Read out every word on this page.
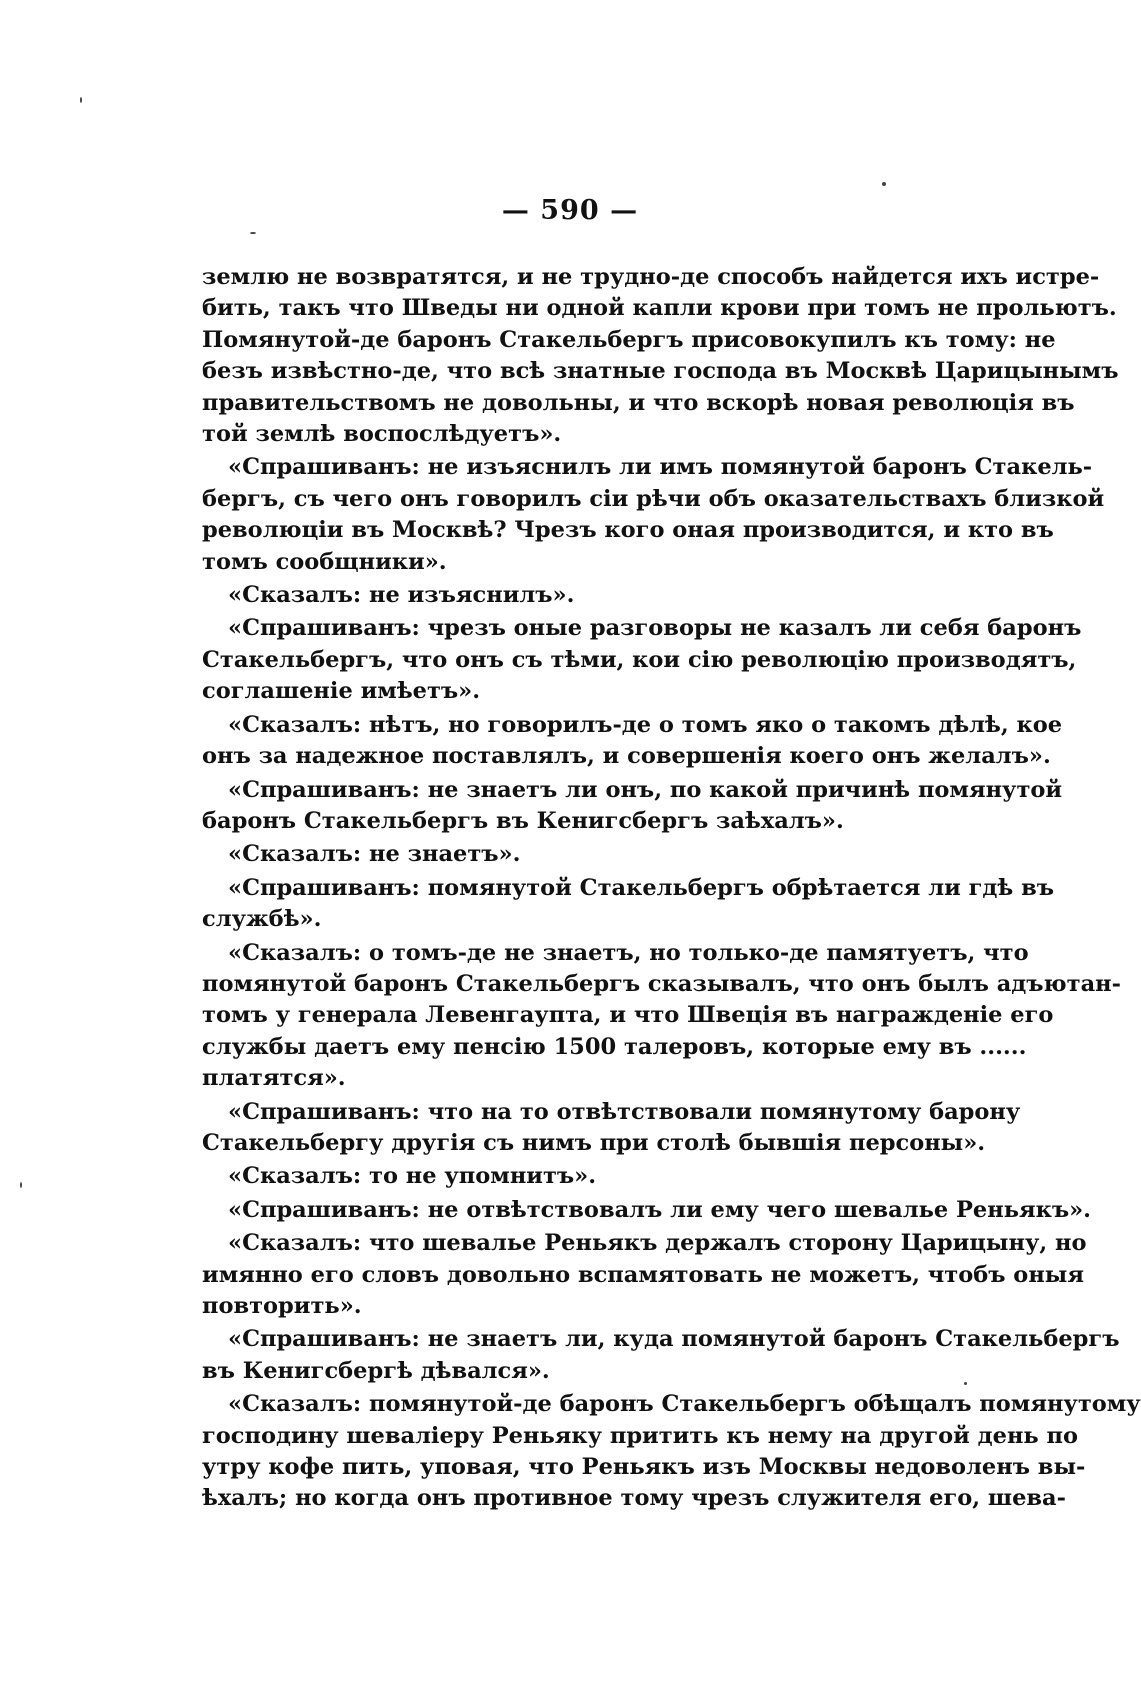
— 590 —
землю не возвратятся, и не трудно-де способъ найдется ихъ истре-
бить, такъ что Шведы ни одной капли крови при томъ не прольютъ.
Помянутой-де баронъ Стакельбергъ присовокупилъ къ тому: не
безъ извѣстно-де, что всѣ знатные господа въ Москвѣ Царицынымъ
правительствомъ не довольны, и что вскорѣ новая революція въ
той землѣ воспослѣдуетъ».
«Спрашиванъ: не изъяснилъ ли имъ помянутой баронъ Стакель-
бергъ, съ чего онъ говорилъ сіи рѣчи объ оказательствахъ близкой
революціи въ Москвѣ? Чрезъ кого оная производится, и кто въ
томъ сообщники».
«Сказалъ: не изъяснилъ».
«Спрашиванъ: чрезъ оные разговоры не казалъ ли себя баронъ
Стакельбергъ, что онъ съ тѣми, кои сію революцію производятъ,
соглашеніе имѣетъ».
«Сказалъ: нѣтъ, но говорилъ-де о томъ яко о такомъ дѣлѣ, кое
онъ за надежное поставлялъ, и совершенія коего онъ желалъ».
«Спрашиванъ: не знаетъ ли онъ, по какой причинѣ помянутой
баронъ Стакельбергъ въ Кенигсбергъ заѣхалъ».
«Сказалъ: не знаетъ».
«Спрашиванъ: помянутой Стакельбергъ обрѣтается ли гдѣ въ
службѣ».
«Сказалъ: о томъ-де не знаетъ, но только-де памятуетъ, что
помянутой баронъ Стакельбергъ сказывалъ, что онъ былъ адъютан-
томъ у генерала Левенгаупта, и что Швеція въ награжденіе его
службы даетъ ему пенсію 1500 талеровъ, которые ему въ ......
платятся».
«Спрашиванъ: что на то отвѣтствовали помянутому барону
Стакельбергу другія съ нимъ при столѣ бывшія персоны».
«Сказалъ: то не упомнитъ».
«Спрашиванъ: не отвѣтствовалъ ли ему чего шевалье Реньякъ».
«Сказалъ: что шевалье Реньякъ держалъ сторону Царицыну, но
имянно его словъ довольно вспамятовать не можетъ, чтобъ оныя
повторить».
«Спрашиванъ: не знаетъ ли, куда помянутой баронъ Стакельбергъ
въ Кенигсбергѣ дѣвался».
«Сказалъ: помянутой-де баронъ Стакельбергъ обѣщалъ помянутому
господину шеваліеру Реньяку притить къ нему на другой день по
утру кофе пить, уповая, что Реньякъ изъ Москвы недоволенъ вы-
ѣхалъ; но когда онъ противное тому чрезъ служителя его, шева-
